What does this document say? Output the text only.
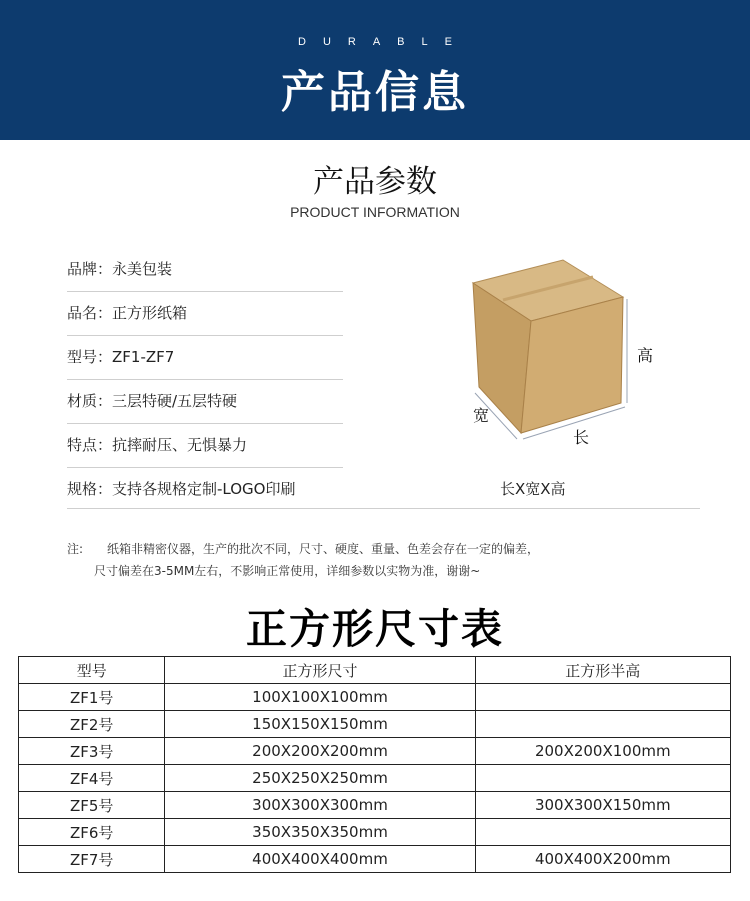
DURABLE
产品信息
产品参数
PRODUCT INFORMATION
品牌：永美包装
品名：正方形纸箱
型号：ZF1-ZF7
材质：三层特硬/五层特硬
特点：抗摔耐压、无惧暴力
规格：支持各规格定制-LOGO印刷
高
宽
长
长X宽X高
注: 纸箱非精密仪器，生产的批次不同，尺寸、硬度、重量、色差会存在一定的偏差，
尺寸偏差在3-5MM左右，不影响正常使用，详细参数以实物为准，谢谢~
正方形尺寸表
型号	正方形尺寸	正方形半高
ZF1号	100X100X100mm	
ZF2号	150X150X150mm	
ZF3号	200X200X200mm	200X200X100mm
ZF4号	250X250X250mm	
ZF5号	300X300X300mm	300X300X150mm
ZF6号	350X350X350mm	
ZF7号	400X400X400mm	400X400X200mm
